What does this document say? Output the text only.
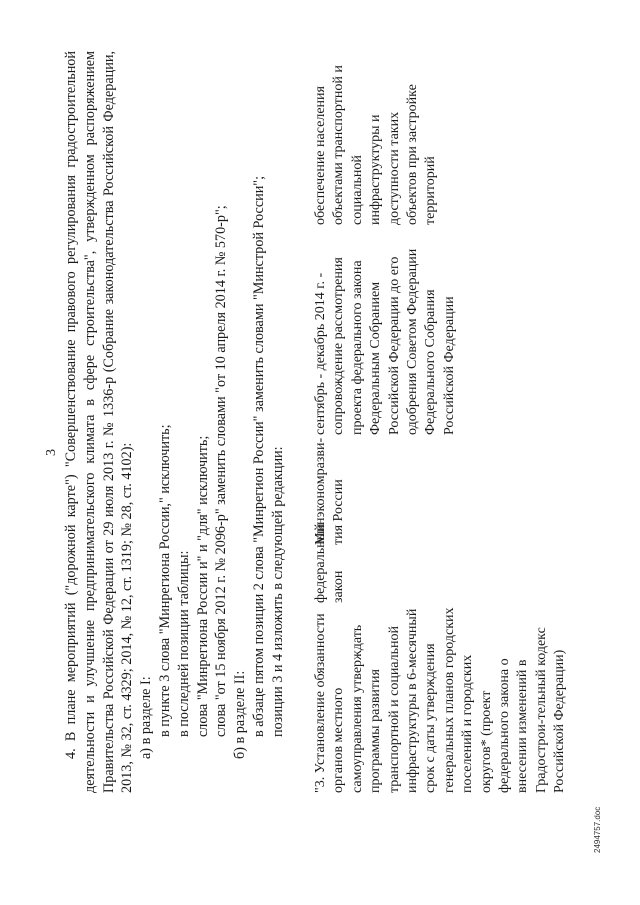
3 4. В плане мероприятий ("дорожной карте") "Совершенствование правового регулирования градостроительной деятельности и улучшение предпринимательского климата в сфере строительства", утвержденном распоряжением Правительства Российской Федерации от 29 июля 2013 г. № 1336-р (Собрание законодательства Российской Федерации, 2013, № 32, ст. 4329; 2014, № 12, ст. 1319; № 28, ст. 4102): а) в разделе I: в пункте 3 слова "Минрегиона России," исключить; в последней позиции таблицы: слова "Минрегиона России и" и "для" исключить; слова "от 15 ноября 2012 г. № 2096-р" заменить словами "от 10 апреля 2014 г. № 570-р"; б) в разделе II: в абзаце пятом позиции 2 слова "Минрегион России" заменить словами "Минстрой России"; позиции 3 и 4 изложить в следующей редакции: "3. Установление обязанности органов местного самоуправления утверждать программы развития транспортной и социальной инфраструктуры в 6-месячный срок с даты утверждения генеральных планов городских поселений и городских округов* (проект федерального закона о внесении изменений в Градострои-тельный кодекс Российской Федерации)
федеральный закон
Минэкономразви-тия России
сентябрь - декабрь 2014 г. - сопровождение рассмотрения проекта федерального закона Федеральным Собранием Российской Федерации до его одобрения Советом Федерации Федерального Собрания Российской Федерации
обеспечение населения объектами транспортной и социальной инфраструктуры и доступности таких объектов при застройке территорий
2494757.doc
